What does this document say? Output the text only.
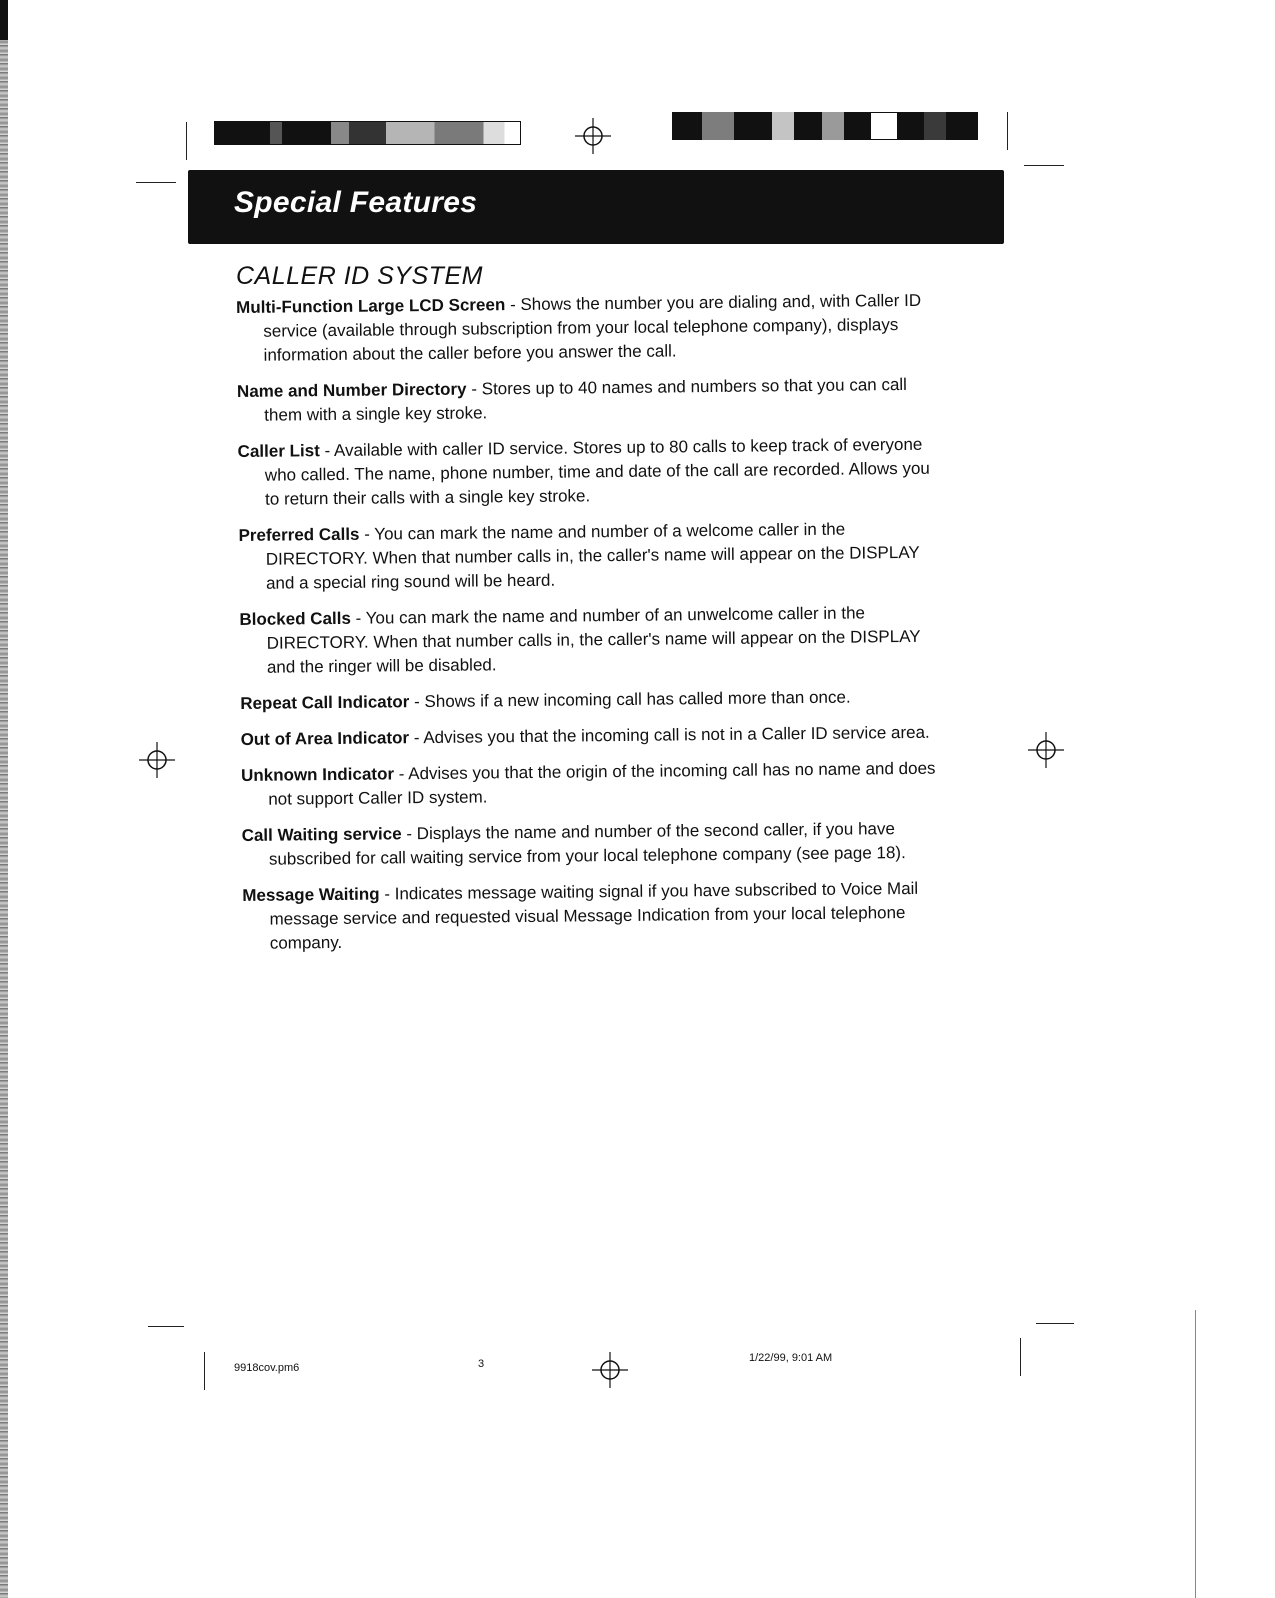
Special Features
CALLER ID SYSTEM

Multi-Function Large LCD Screen - Shows the number you are dialing and, with Caller ID service (available through subscription from your local telephone company), displays information about the caller before you answer the call.

Name and Number Directory - Stores up to 40 names and numbers so that you can call them with a single key stroke.

Caller List - Available with caller ID service. Stores up to 80 calls to keep track of everyone who called. The name, phone number, time and date of the call are recorded. Allows you to return their calls with a single key stroke.

Preferred Calls - You can mark the name and number of a welcome caller in the DIRECTORY. When that number calls in, the caller's name will appear on the DISPLAY and a special ring sound will be heard.

Blocked Calls - You can mark the name and number of an unwelcome caller in the DIRECTORY. When that number calls in, the caller's name will appear on the DISPLAY and the ringer will be disabled.

Repeat Call Indicator - Shows if a new incoming call has called more than once.

Out of Area Indicator - Advises you that the incoming call is not in a Caller ID service area.

Unknown Indicator - Advises you that the origin of the incoming call has no name and does not support Caller ID system.

Call Waiting service - Displays the name and number of the second caller, if you have subscribed for call waiting service from your local telephone company (see page 18).

Message Waiting - Indicates message waiting signal if you have subscribed to Voice Mail message service and requested visual Message Indication from your local telephone company.

9918cov.pm6	3	1/22/99, 9:01 AM
